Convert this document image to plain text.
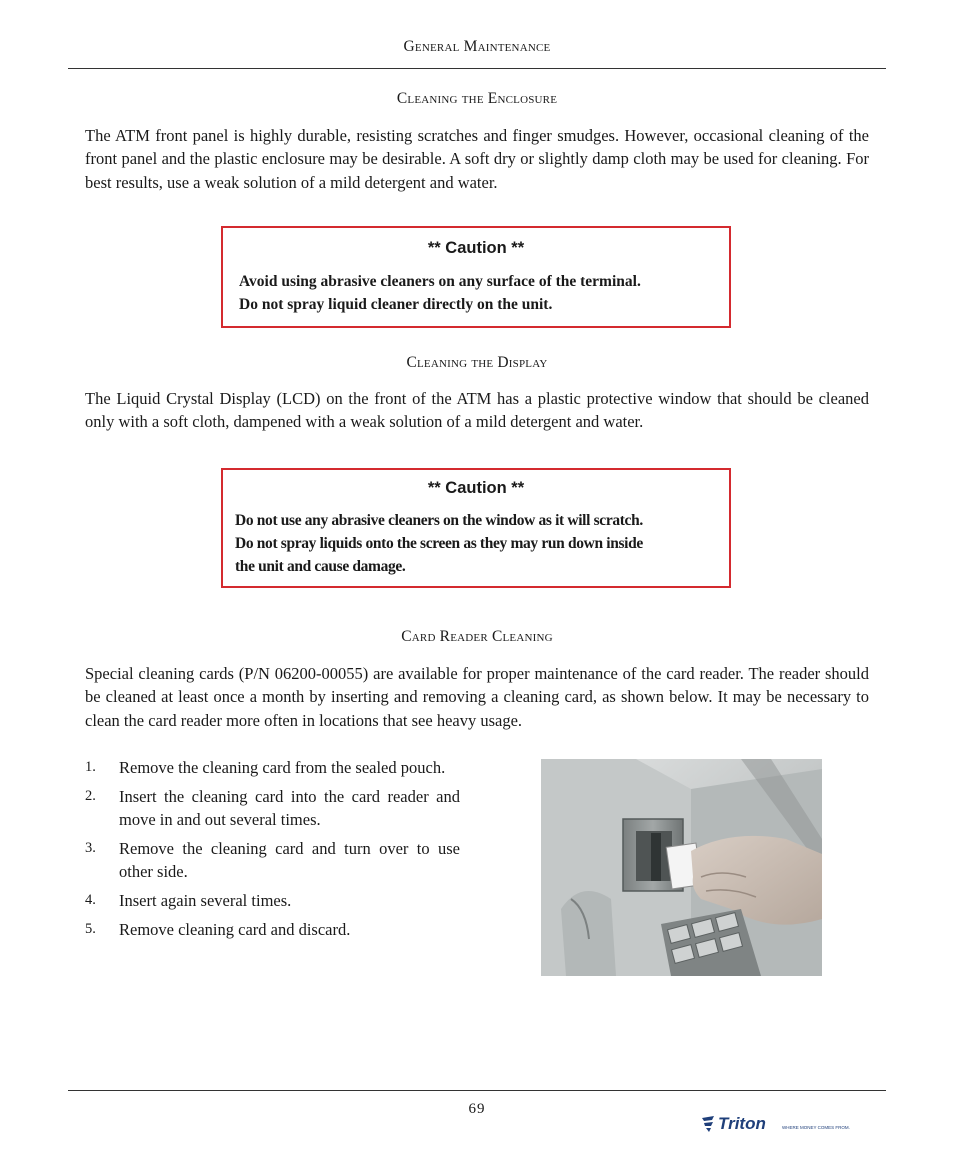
General Maintenance
Cleaning the Enclosure

The ATM front panel is highly durable, resisting scratches and finger smudges. However, occasional cleaning of the front panel and the plastic enclosure may be desirable. A soft dry or slightly damp cloth may be used for cleaning. For best results, use a weak solution of a mild detergent and water.

** Caution **

Avoid using abrasive cleaners on any surface of the terminal.
Do not spray liquid cleaner directly on the unit.

Cleaning the Display

The Liquid Crystal Display (LCD) on the front of the ATM has a plastic protective window that should be cleaned only with a soft cloth, dampened with a weak solution of a mild detergent and water.

** Caution **

Do not use any abrasive cleaners on the window as it will scratch.
Do not spray liquids onto the screen as they may run down inside
the unit and cause damage.

Card Reader Cleaning

Special cleaning cards (P/N 06200-00055) are available for proper maintenance of the card reader. The reader should be cleaned at least once a month by inserting and removing a cleaning card, as shown below. It may be necessary to clean the card reader more often in locations that see heavy usage.

1. Remove the cleaning card from the sealed pouch.
2. Insert the cleaning card into the card reader and move in and out several times.
3. Remove the cleaning card and turn over to use other side.
4. Insert again several times.
5. Remove cleaning card and discard.
69
Triton	WHERE MONEY COMES FROM.
